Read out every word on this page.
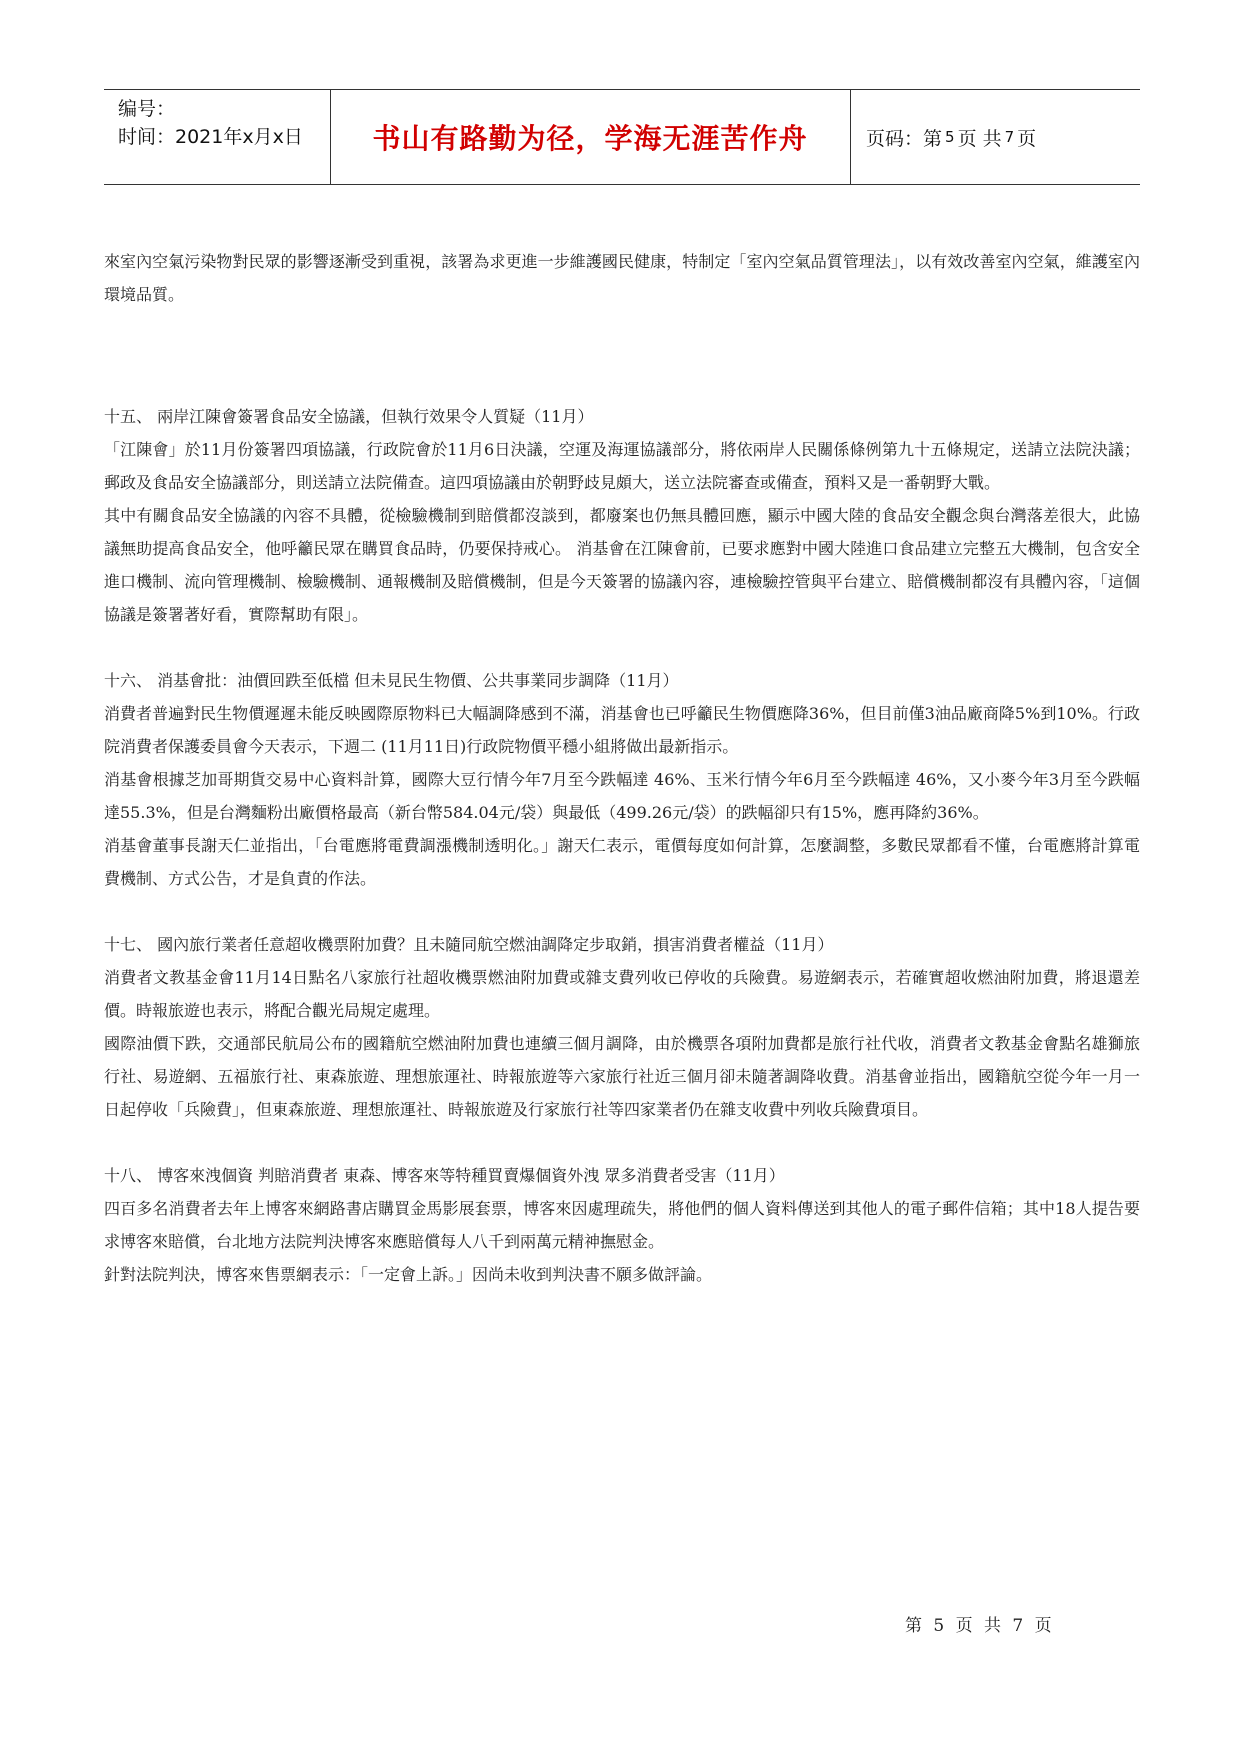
编号：
时间：2021年x月x日	书山有路勤为径，学海无涯苦作舟	页码：第 5 页 共 7 页

來室內空氣污染物對民眾的影響逐漸受到重視，該署為求更進一步維護國民健康，特制定「室內空氣品質管理法」，以有效改善室內空氣，維護室內環境品質。

十五、 兩岸江陳會簽署食品安全協議，但執行效果令人質疑（11月）

「江陳會」於11月份簽署四項協議，行政院會於11月6日決議，空運及海運協議部分，將依兩岸人民關係條例第九十五條規定，送請立法院決議；郵政及食品安全協議部分，則送請立法院備查。這四項協議由於朝野歧見頗大，送立法院審查或備查，預料又是一番朝野大戰。

其中有關食品安全協議的內容不具體，從檢驗機制到賠償都沒談到，都廢案也仍無具體回應，顯示中國大陸的食品安全觀念與台灣落差很大，此協議無助提高食品安全，他呼籲民眾在購買食品時，仍要保持戒心。 消基會在江陳會前，已要求應對中國大陸進口食品建立完整五大機制，包含安全進口機制、流向管理機制、檢驗機制、通報機制及賠償機制，但是今天簽署的協議內容，連檢驗控管與平台建立、賠償機制都沒有具體內容，「這個協議是簽署著好看，實際幫助有限」。

十六、 消基會批：油價回跌至低檔 但未見民生物價、公共事業同步調降（11月）

消費者普遍對民生物價遲遲未能反映國際原物料已大幅調降感到不滿，消基會也已呼籲民生物價應降36%，但目前僅3油品廠商降5%到10%。行政院消費者保護委員會今天表示，下週二 (11月11日)行政院物價平穩小組將做出最新指示。

消基會根據芝加哥期貨交易中心資料計算，國際大豆行情今年7月至今跌幅達 46%、玉米行情今年6月至今跌幅達 46%，又小麥今年3月至今跌幅達55.3%，但是台灣麵粉出廠價格最高（新台幣584.04元/袋）與最低（499.26元/袋）的跌幅卻只有15%，應再降約36%。

消基會董事長謝天仁並指出，「台電應將電費調漲機制透明化。」謝天仁表示，電價每度如何計算，怎麼調整，多數民眾都看不懂，台電應將計算電費機制、方式公告，才是負責的作法。

十七、 國內旅行業者任意超收機票附加費？且未隨同航空燃油調降定步取銷，損害消費者權益（11月）

消費者文教基金會11月14日點名八家旅行社超收機票燃油附加費或雜支費列收已停收的兵險費。易遊網表示，若確實超收燃油附加費，將退還差價。時報旅遊也表示，將配合觀光局規定處理。

國際油價下跌，交通部民航局公布的國籍航空燃油附加費也連續三個月調降，由於機票各項附加費都是旅行社代收，消費者文教基金會點名雄獅旅行社、易遊網、五福旅行社、東森旅遊、理想旅運社、時報旅遊等六家旅行社近三個月卻未隨著調降收費。消基會並指出，國籍航空從今年一月一日起停收「兵險費」，但東森旅遊、理想旅運社、時報旅遊及行家旅行社等四家業者仍在雜支收費中列收兵險費項目。

十八、 博客來洩個資 判賠消費者 東森、博客來等特種買賣爆個資外洩 眾多消費者受害（11月）

四百多名消費者去年上博客來網路書店購買金馬影展套票，博客來因處理疏失，將他們的個人資料傳送到其他人的電子郵件信箱；其中18人提告要求博客來賠償，台北地方法院判決博客來應賠償每人八千到兩萬元精神撫慰金。

針對法院判決，博客來售票網表示：「一定會上訴。」因尚未收到判決書不願多做評論。

第 5 页 共 7 页
